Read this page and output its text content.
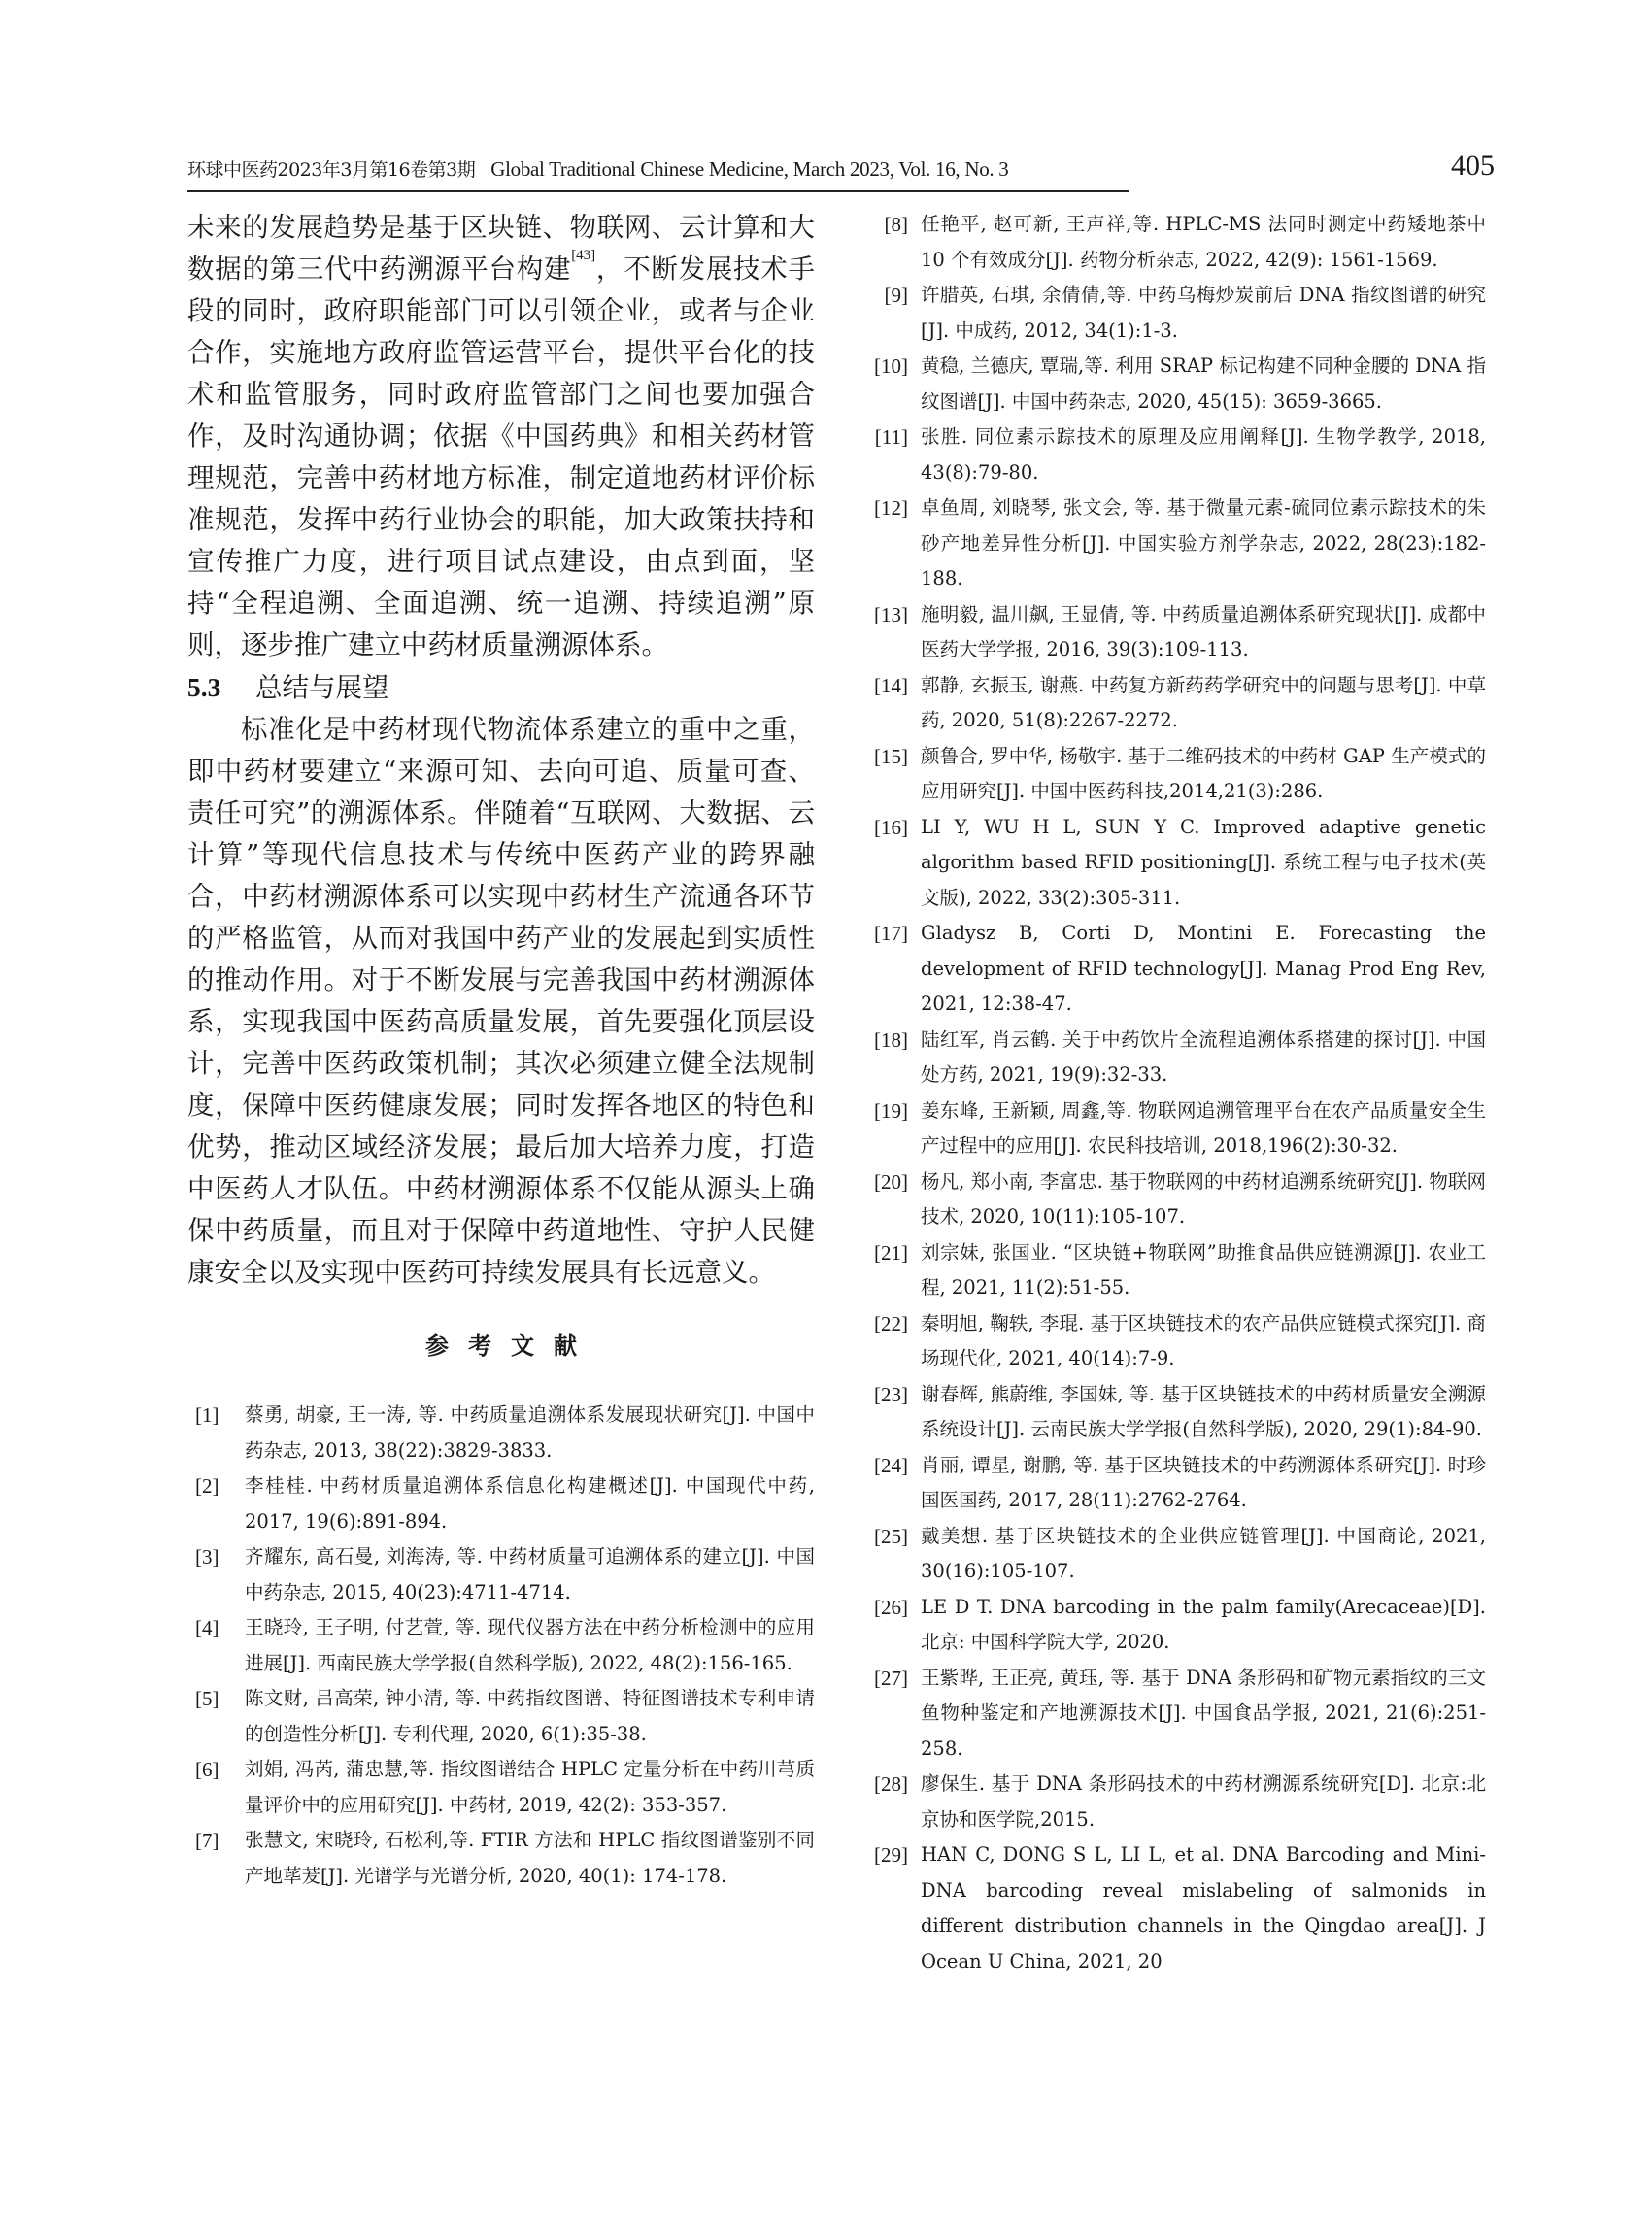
环球中医药2023年3月第16卷第3期 Global Traditional Chinese Medicine, March 2023, Vol. 16, No. 3	405

未来的发展趋势是基于区块链、物联网、云计算和大数据的第三代中药溯源平台构建[43]，不断发展技术手段的同时，政府职能部门可以引领企业，或者与企业合作，实施地方政府监管运营平台，提供平台化的技术和监管服务，同时政府监管部门之间也要加强合作，及时沟通协调；依据《中国药典》和相关药材管理规范，完善中药材地方标准，制定道地药材评价标准规范，发挥中药行业协会的职能，加大政策扶持和宣传推广力度，进行项目试点建设，由点到面，坚持“全程追溯、全面追溯、统一追溯、持续追溯”原则，逐步推广建立中药材质量溯源体系。

5.3 总结与展望

标准化是中药材现代物流体系建立的重中之重，即中药材要建立“来源可知、去向可追、质量可查、责任可究”的溯源体系。伴随着“互联网、大数据、云计算”等现代信息技术与传统中医药产业的跨界融合，中药材溯源体系可以实现中药材生产流通各环节的严格监管，从而对我国中药产业的发展起到实质性的推动作用。对于不断发展与完善我国中药材溯源体系，实现我国中医药高质量发展，首先要强化顶层设计，完善中医药政策机制；其次必须建立健全法规制度，保障中医药健康发展；同时发挥各地区的特色和优势，推动区域经济发展；最后加大培养力度，打造中医药人才队伍。中药材溯源体系不仅能从源头上确保中药质量，而且对于保障中药道地性、守护人民健康安全以及实现中医药可持续发展具有长远意义。

参考文献
[1] 蔡勇, 胡豪, 王一涛, 等. 中药质量追溯体系发展现状研究[J]. 中国中药杂志, 2013, 38(22):3829-3833.
[2] 李桂桂. 中药材质量追溯体系信息化构建概述[J]. 中国现代中药, 2017, 19(6):891-894.
[3] 齐耀东, 高石曼, 刘海涛, 等. 中药材质量可追溯体系的建立[J]. 中国中药杂志, 2015, 40(23):4711-4714.
[4] 王晓玲, 王子明, 付艺萱, 等. 现代仪器方法在中药分析检测中的应用进展[J]. 西南民族大学学报(自然科学版), 2022, 48(2):156-165.
[5] 陈文财, 吕高荣, 钟小清, 等. 中药指纹图谱、特征图谱技术专利申请的创造性分析[J]. 专利代理, 2020, 6(1):35-38.
[6] 刘娟, 冯芮, 蒲忠慧,等. 指纹图谱结合 HPLC 定量分析在中药川芎质量评价中的应用研究[J]. 中药材, 2019, 42(2): 353-357.
[7] 张慧文, 宋晓玲, 石松利,等. FTIR 方法和 HPLC 指纹图谱鉴别不同产地荜茇[J]. 光谱学与光谱分析, 2020, 40(1): 174-178.
[8] 任艳平, 赵可新, 王声祥,等. HPLC-MS 法同时测定中药矮地茶中 10 个有效成分[J]. 药物分析杂志, 2022, 42(9): 1561-1569.
[9] 许腊英, 石琪, 余倩倩,等. 中药乌梅炒炭前后 DNA 指纹图谱的研究[J]. 中成药, 2012, 34(1):1-3.
[10] 黄稳, 兰德庆, 覃瑞,等. 利用 SRAP 标记构建不同种金腰的 DNA 指纹图谱[J]. 中国中药杂志, 2020, 45(15): 3659-3665.
[11] 张胜. 同位素示踪技术的原理及应用阐释[J]. 生物学教学, 2018, 43(8):79-80.
[12] 卓鱼周, 刘晓琴, 张文会, 等. 基于微量元素-硫同位素示踪技术的朱砂产地差异性分析[J]. 中国实验方剂学杂志, 2022, 28(23):182-188.
[13] 施明毅, 温川飙, 王显倩, 等. 中药质量追溯体系研究现状[J]. 成都中医药大学学报, 2016, 39(3):109-113.
[14] 郭静, 玄振玉, 谢燕. 中药复方新药药学研究中的问题与思考[J]. 中草药, 2020, 51(8):2267-2272.
[15] 颜鲁合, 罗中华, 杨敬宇. 基于二维码技术的中药材 GAP 生产模式的应用研究[J]. 中国中医药科技,2014,21(3):286.
[16] LI Y, WU H L, SUN Y C. Improved adaptive genetic algorithm based RFID positioning[J]. 系统工程与电子技术(英文版), 2022, 33(2):305-311.
[17] Gladysz B, Corti D, Montini E. Forecasting the development of RFID technology[J]. Manag Prod Eng Rev, 2021, 12:38-47.
[18] 陆红军, 肖云鹤. 关于中药饮片全流程追溯体系搭建的探讨[J]. 中国处方药, 2021, 19(9):32-33.
[19] 姜东峰, 王新颖, 周鑫,等. 物联网追溯管理平台在农产品质量安全生产过程中的应用[J]. 农民科技培训, 2018,196(2):30-32.
[20] 杨凡, 郑小南, 李富忠. 基于物联网的中药材追溯系统研究[J]. 物联网技术, 2020, 10(11):105-107.
[21] 刘宗妹, 张国业. “区块链+物联网”助推食品供应链溯源[J]. 农业工程, 2021, 11(2):51-55.
[22] 秦明旭, 鞠轶, 李琨. 基于区块链技术的农产品供应链模式探究[J]. 商场现代化, 2021, 40(14):7-9.
[23] 谢春辉, 熊蔚维, 李国妹, 等. 基于区块链技术的中药材质量安全溯源系统设计[J]. 云南民族大学学报(自然科学版), 2020, 29(1):84-90.
[24] 肖丽, 谭星, 谢鹏, 等. 基于区块链技术的中药溯源体系研究[J]. 时珍国医国药, 2017, 28(11):2762-2764.
[25] 戴美想. 基于区块链技术的企业供应链管理[J]. 中国商论, 2021, 30(16):105-107.
[26] LE D T. DNA barcoding in the palm family(Arecaceae)[D]. 北京: 中国科学院大学, 2020.
[27] 王紫晔, 王正亮, 黄珏, 等. 基于 DNA 条形码和矿物元素指纹的三文鱼物种鉴定和产地溯源技术[J]. 中国食品学报, 2021, 21(6):251-258.
[28] 廖保生. 基于 DNA 条形码技术的中药材溯源系统研究[D]. 北京:北京协和医学院,2015.
[29] HAN C, DONG S L, LI L, et al. DNA Barcoding and Mini-DNA barcoding reveal mislabeling of salmonids in different distribution channels in the Qingdao area[J]. J Ocean U China, 2021, 20
